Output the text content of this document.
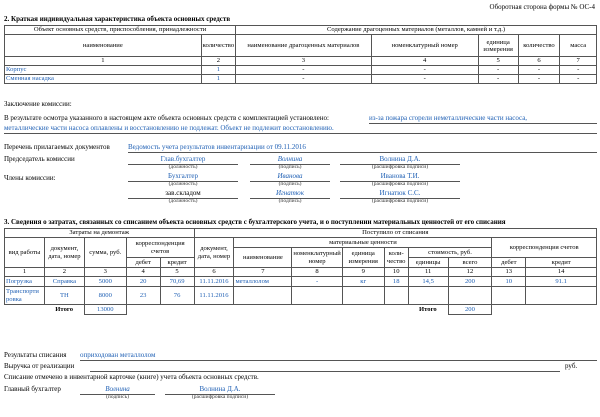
Оборотная сторона формы № ОС-4
2. Краткая индивидуальная характеристика объекта основных средств
Объект основных средств, приспособления, принадлежности		Содержание драгоценных материалов (металлов, камней и т.д.)				
наименование	количество	наименование драгоценных материалов	номенклатурный номер	единица измерения	количество	масса
1	2	3	4	5	6	7
Корпус	1	-	-	-	-	-
Сменная насадка	1	-	-	-	-	-
Заключение комиссии:
В результате осмотра указанного в настоящем акте объекта основных средств с комплектацией установлено:	из-за пожара сгорели неметаллические части насоса,
металлические части насоса оплавлены и восстановлению не подлежат. Объект не подлежит восстановлению.
Перечень прилагаемых документов	Ведомость учета результатов инвентаризации от 09.11.2016
Председатель комиссии
Члены комиссии:
Глав.бухгалтер
(должность)
Волнина
(подпись)
Волнина Д.А.
(расшифровка подписи)
Бухгалтер
(должность)
Иванова
(подпись)
Иванова Т.И.
(расшифровка подписи)
зав.складом
(должность)
Игнатюк
(подпись)
Игнатюк С.С.
(расшифровка подписи)
3. Сведения о затратах, связанных со списанием объекта основных средств с бухгалтерского учета, и о поступлении материальных ценностей от его списания
Затраты на демонтаж					Поступило от списания								
вид работы	документ, дата, номер	сумма, руб.	корреспонденция счетов		документ, дата, номер	материальные ценности						корреспонденция счетов	
						наименование	номенклатурный номер	единица измерения	коли-чество	стоимость, руб.			
			дебет	кредит						единицы	всего	дебет	кредит
1	2	3	4	5	6	7	8	9	10	11	12	13	14
Погрузка	Справка	5000	20	70,69	11.11.2016	металлолом	-	кг	18	14,5	200	10	91.1

Транспорти
ровка	ТН	8000	23	76	11.11.2016								
	Итого	13000								Итого	200		
Результаты списания оприходован металлолом
Выручка от реализации	руб.
Списание отмечено в инвентарной карточке (книге) учета объекта основных средств.
Главный бухгалтер	Волнина
(подпись)
Волнина Д.А.
(расшифровка подписи)
